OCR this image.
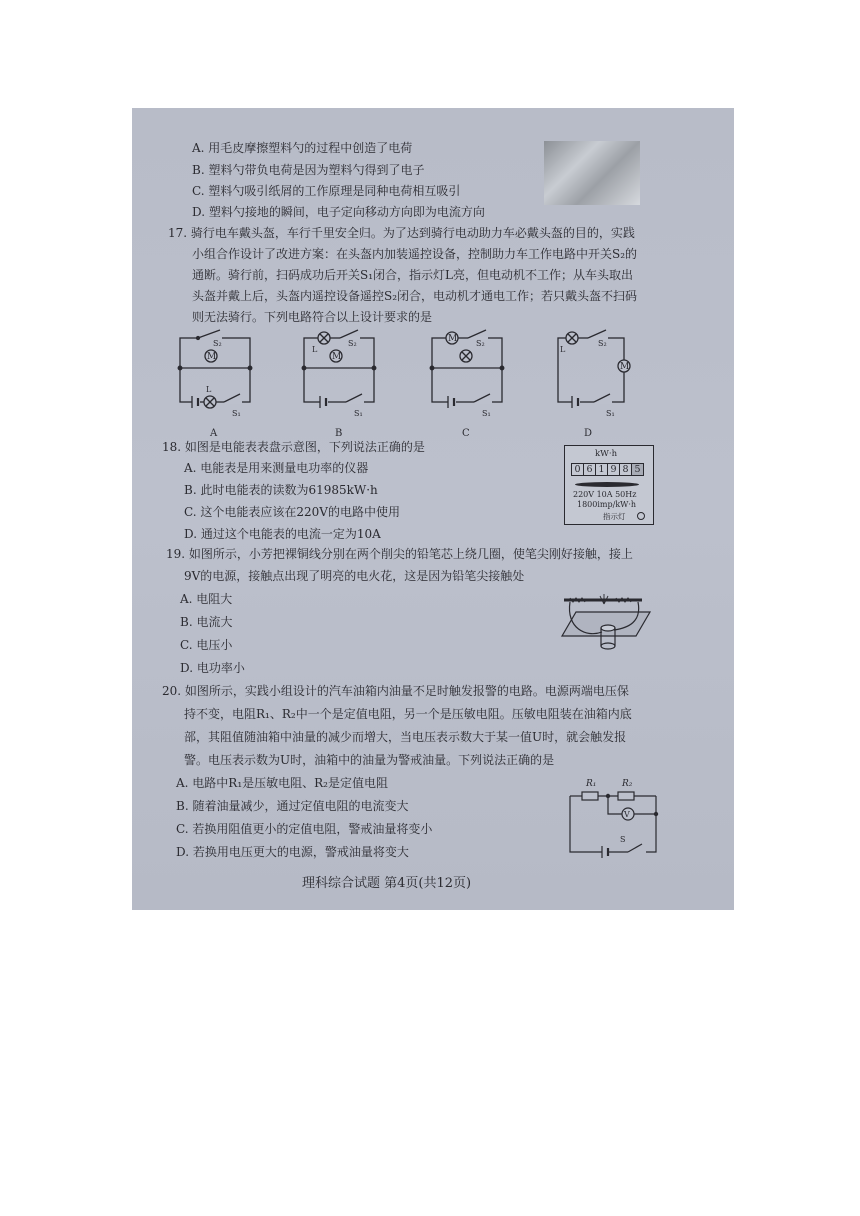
A. 用毛皮摩擦塑料勺的过程中创造了电荷
B. 塑料勺带负电荷是因为塑料勺得到了电子
C. 塑料勺吸引纸屑的工作原理是同种电荷相互吸引
D. 塑料勺接地的瞬间，电子定向移动方向即为电流方向
17. 骑行电车戴头盔，车行千里安全归。为了达到骑行电动助力车必戴头盔的目的，实践
小组合作设计了改进方案：在头盔内加装遥控设备，控制助力车工作电路中开关S₂的
通断。骑行前，扫码成功后开关S₁闭合，指示灯L亮，但电动机不工作；从车头取出
头盔并戴上后，头盔内遥控设备遥控S₂闭合，电动机才通电工作；若只戴头盔不扫码
则无法骑行。下列电路符合以上设计要求的是
M
S₂
L
S₁
M
L
S₂
S₁
M S₂
S₁
L
S₂
M
S₁
A	B	C	D
18. 如图是电能表表盘示意图，下列说法正确的是
A. 电能表是用来测量电功率的仪器
B. 此时电能表的读数为61985kW·h
C. 这个电能表应该在220V的电路中使用
D. 通过这个电能表的电流一定为10A
kW·h
0 6 1 9 8 5
220V 10A 50Hz
1800imp/kW·h
指示灯
19. 如图所示，小芳把裸铜线分别在两个削尖的铅笔芯上绕几圈，使笔尖刚好接触，接上
9V的电源，接触点出现了明亮的电火花，这是因为铅笔尖接触处
A. 电阻大
B. 电流大
C. 电压小
D. 电功率小
20. 如图所示，实践小组设计的汽车油箱内油量不足时触发报警的电路。电源两端电压保
持不变，电阻R₁、R₂中一个是定值电阻，另一个是压敏电阻。压敏电阻装在油箱内底
部，其阻值随油箱中油量的减少而增大，当电压表示数大于某一值U时，就会触发报
警。电压表示数为U时，油箱中的油量为警戒油量。下列说法正确的是
A. 电路中R₁是压敏电阻、R₂是定值电阻
B. 随着油量减少，通过定值电阻的电流变大
C. 若换用阻值更小的定值电阻，警戒油量将变小
D. 若换用电压更大的电源，警戒油量将变大
R₁	R₂
V
S
理科综合试题 第4页(共12页)
